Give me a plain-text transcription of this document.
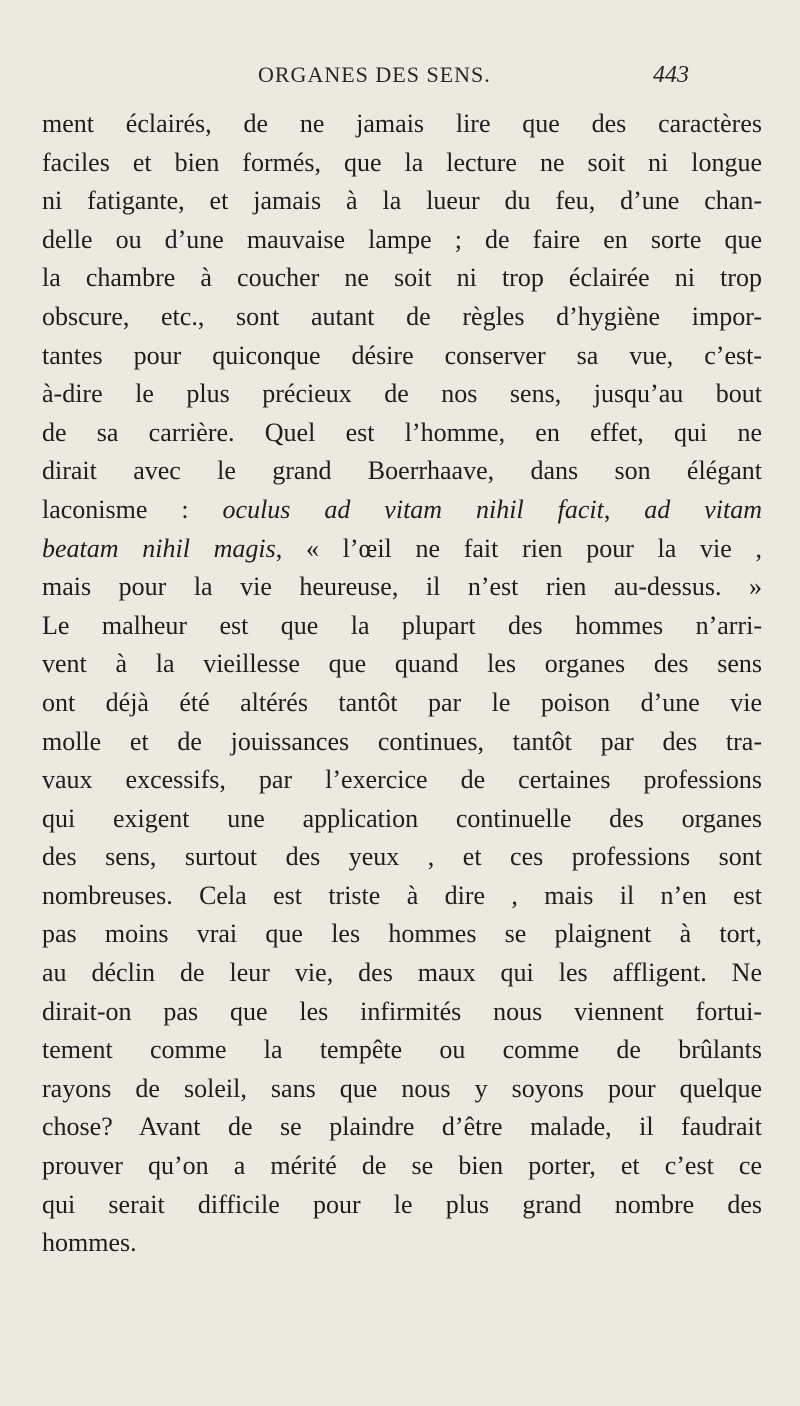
ORGANES DES SENS.	443
ment éclairés, de ne jamais lire que des caractères
faciles et bien formés, que la lecture ne soit ni longue
ni fatigante, et jamais à la lueur du feu, d’une chan-
delle ou d’une mauvaise lampe ; de faire en sorte que
la chambre à coucher ne soit ni trop éclairée ni trop
obscure, etc., sont autant de règles d’hygiène impor-
tantes pour quiconque désire conserver sa vue, c’est-
à-dire le plus précieux de nos sens, jusqu’au bout
de sa carrière. Quel est l’homme, en effet, qui ne
dirait avec le grand Boerrhaave, dans son élégant
laconisme : oculus ad vitam nihil facit, ad vitam
beatam nihil magis, « l’œil ne fait rien pour la vie ,
mais pour la vie heureuse, il n’est rien au-dessus. »
Le malheur est que la plupart des hommes n’arri-
vent à la vieillesse que quand les organes des sens
ont déjà été altérés tantôt par le poison d’une vie
molle et de jouissances continues, tantôt par des tra-
vaux excessifs, par l’exercice de certaines professions
qui exigent une application continuelle des organes
des sens, surtout des yeux , et ces professions sont
nombreuses. Cela est triste à dire , mais il n’en est
pas moins vrai que les hommes se plaignent à tort,
au déclin de leur vie, des maux qui les affligent. Ne
dirait-on pas que les infirmités nous viennent fortui-
tement comme la tempête ou comme de brûlants
rayons de soleil, sans que nous y soyons pour quelque
chose? Avant de se plaindre d’être malade, il faudrait
prouver qu’on a mérité de se bien porter, et c’est ce
qui serait difficile pour le plus grand nombre des
hommes.
